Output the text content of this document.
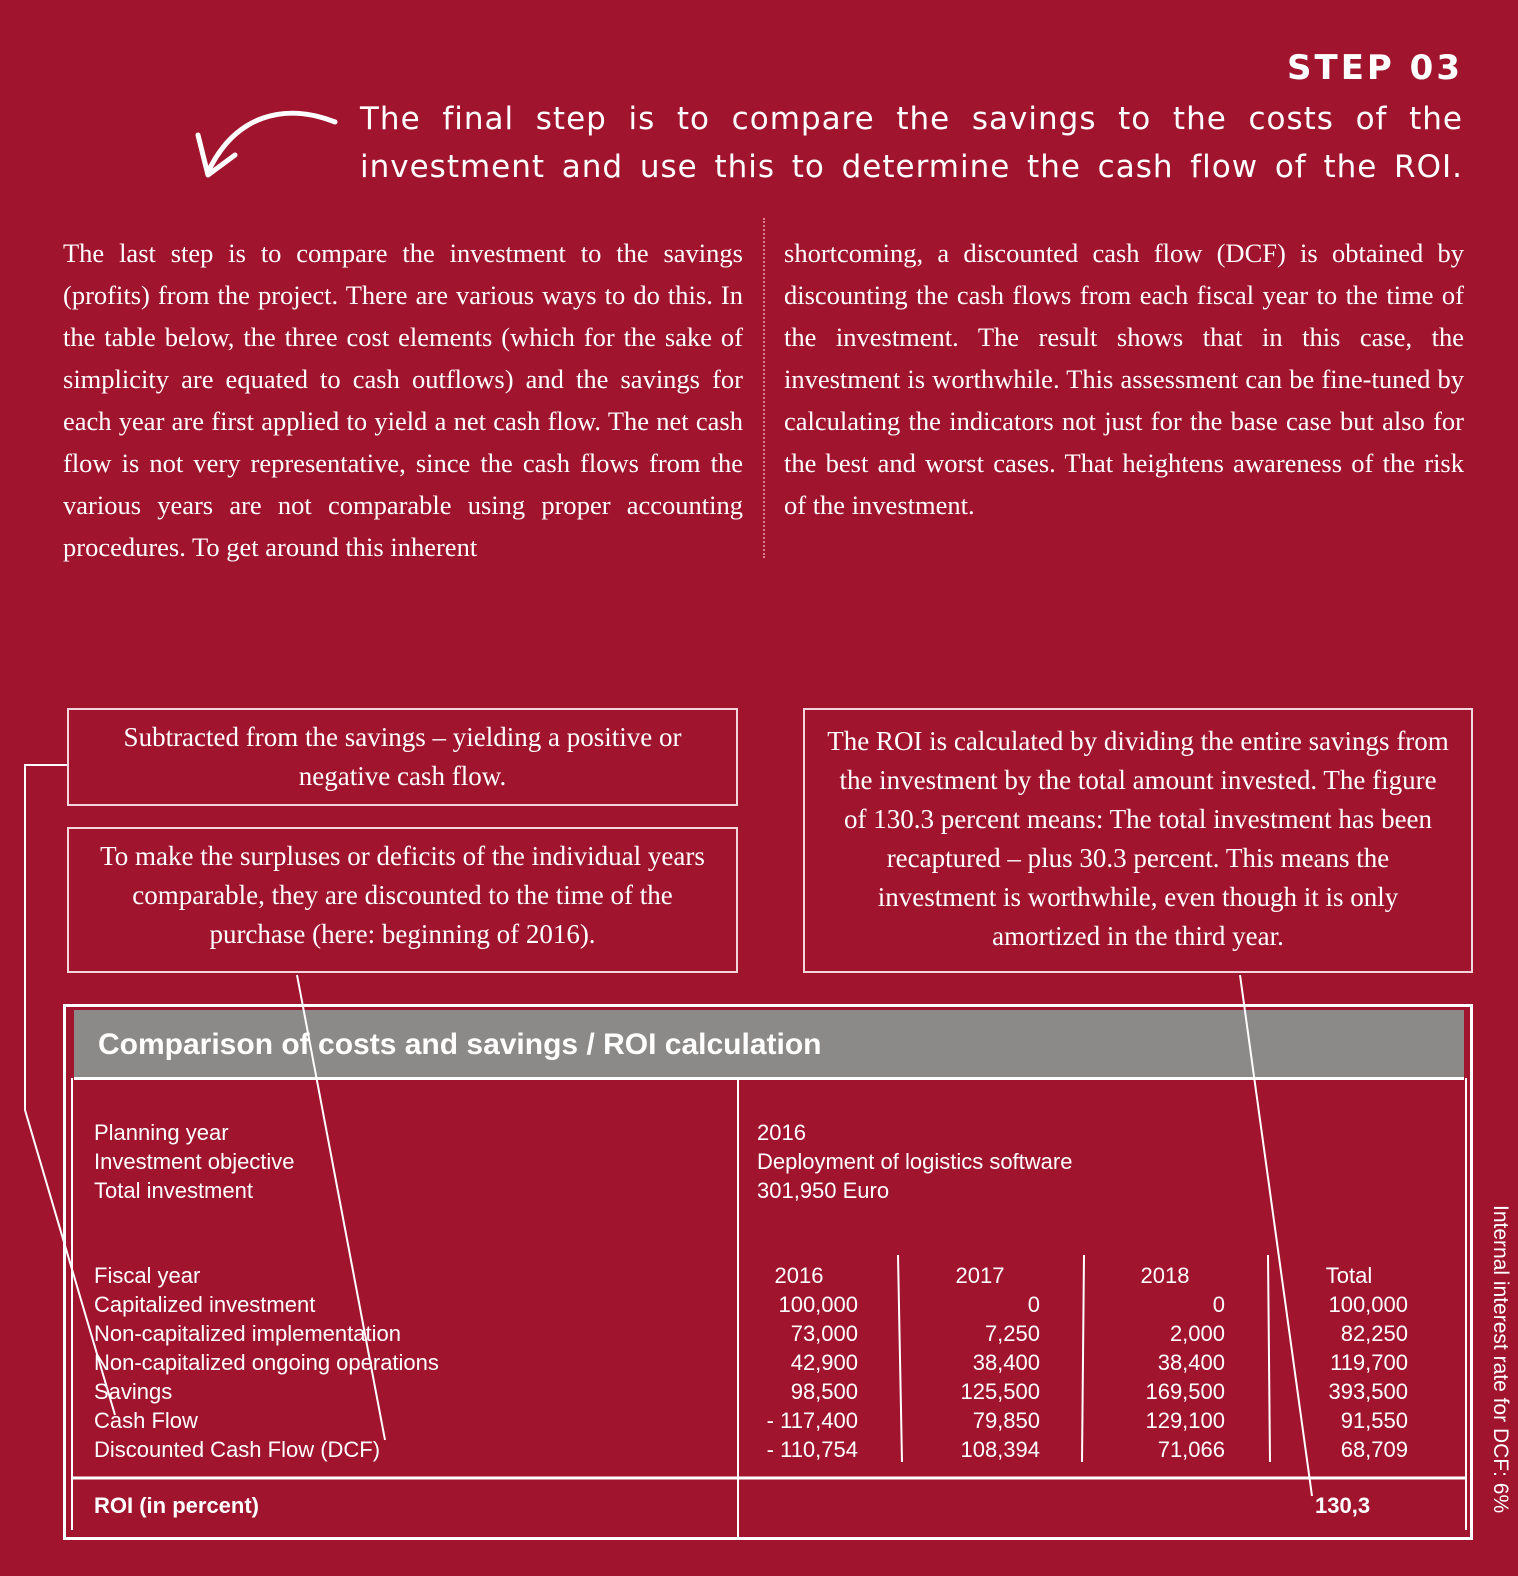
STEP 03
The final step is to compare the savings to the costs of the investment and use this to determine the cash flow of the ROI.
The last step is to compare the investment to the savings (profits) from the project. There are various ways to do this. In the table below, the three cost elements (which for the sake of simplicity are equated to cash outflows) and the savings for each year are first applied to yield a net cash flow. The net cash flow is not very representative, since the cash flows from the various years are not comparable using proper accounting procedures. To get around this inherent
shortcoming, a discounted cash flow (DCF) is obtained by discounting the cash flows from each fiscal year to the time of the investment. The result shows that in this case, the investment is worthwhile. This assessment can be fine-tuned by calculating the indicators not just for the base case but also for the best and worst cases. That heightens awareness of the risk of the investment.
Subtracted from the savings – yielding a positive or negative cash flow.
To make the surpluses or deficits of the individual years comparable, they are discounted to the time of the purchase (here: beginning of 2016).
The ROI is calculated by dividing the entire savings from the investment by the total amount invested. The figure of 130.3 percent means: The total investment has been recaptured – plus 30.3 percent. This means the investment is worthwhile, even though it is only amortized in the third year.
Comparison of costs and savings / ROI calculation
Planning year
Investment objective
Total investment
2016
Deployment of logistics software
301,950 Euro
Fiscal year
Capitalized investment
Non-capitalized implementation
Non-capitalized ongoing operations
Savings
Cash Flow
Discounted Cash Flow (DCF)
2016
100,000
73,000
42,900
98,500
- 117,400
- 110,754
2017
0
7,250
38,400
125,500
79,850
108,394
2018
0
2,000
38,400
169,500
129,100
71,066
Total
100,000
82,250
119,700
393,500
91,550
68,709
ROI (in percent)	130,3	Internal interest rate for DCF: 6%
